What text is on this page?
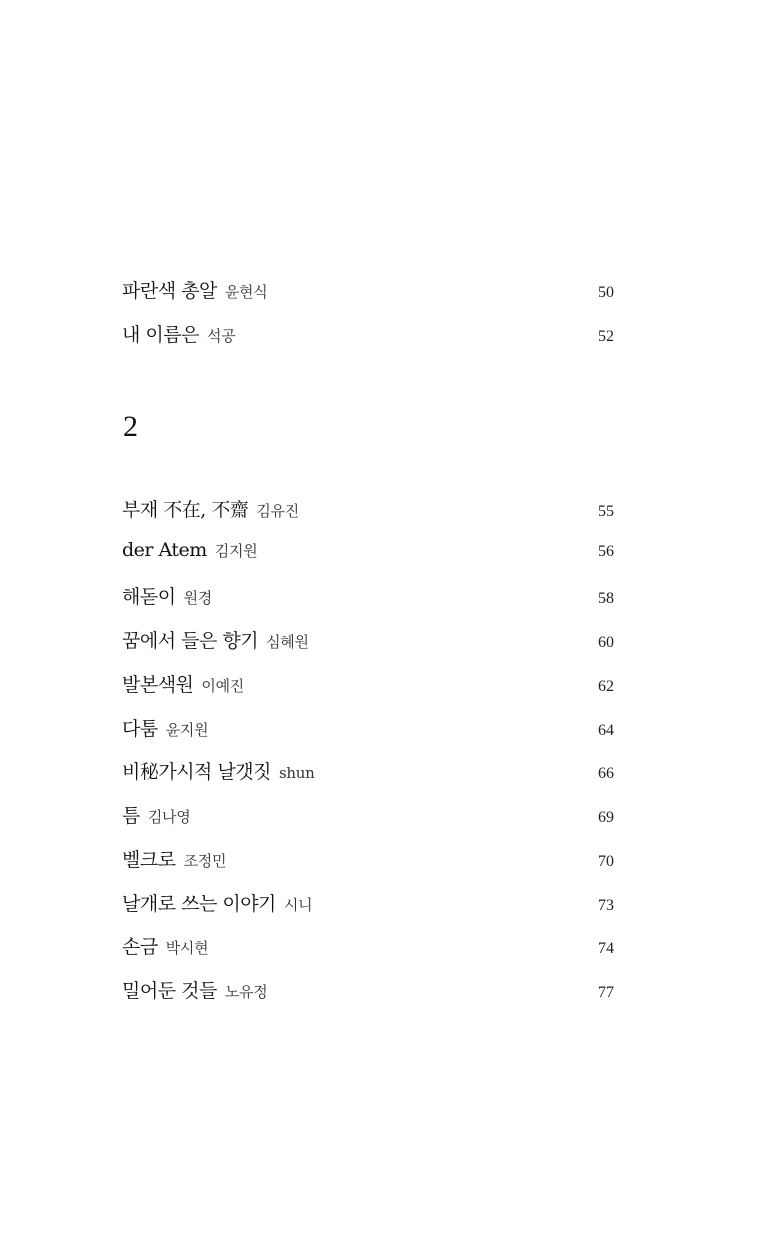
파란색 총알 윤현식	50
내 이름은 석공	52
2
부재 不在, 不齋 김유진	55
der Atem 김지원	56
해돋이 원경	58
꿈에서 들은 향기 심혜원	60
발본색원 이예진	62
다툼 윤지원	64
비秘가시적 날갯짓 shun	66
틈 김나영	69
벨크로 조정민	70
날개로 쓰는 이야기 시니	73
손금 박시현	74
밀어둔 것들 노유정	77
